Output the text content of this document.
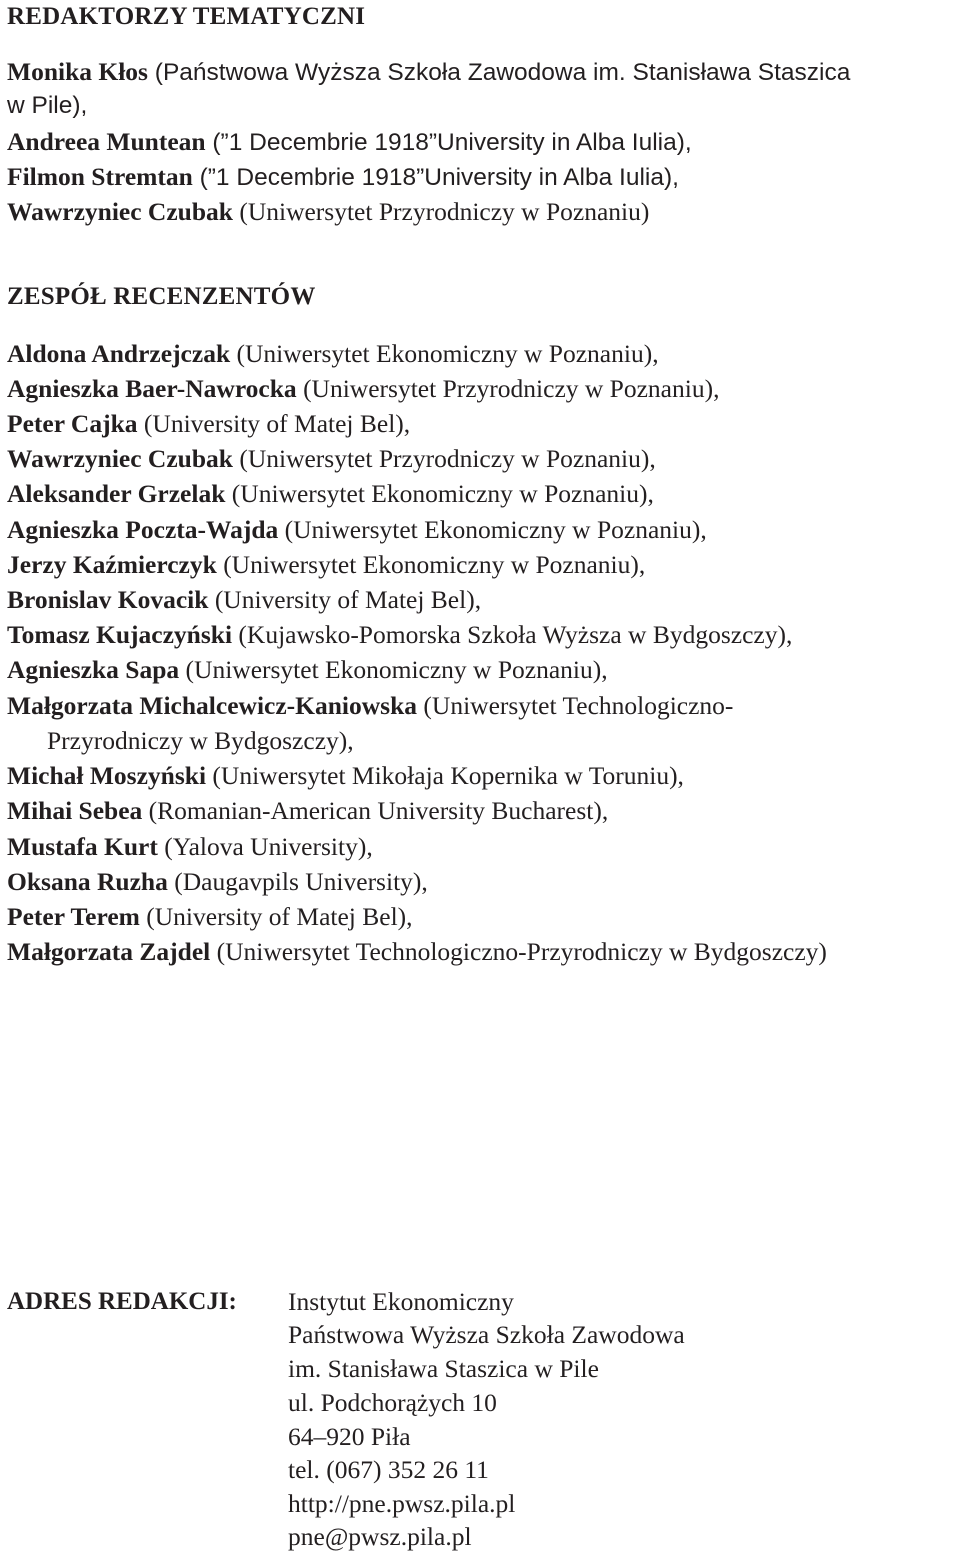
REDAKTORZY TEMATYCZNI

Monika Kłos (Państwowa Wyższa Szkoła Zawodowa im. Stanisława Staszica

w Pile),

Andreea Muntean (”1 Decembrie 1918”University in Alba Iulia),

Filmon Stremtan (”1 Decembrie 1918”University in Alba Iulia),

Wawrzyniec Czubak (Uniwersytet Przyrodniczy w Poznaniu)

ZESPÓŁ RECENZENTÓW

Aldona Andrzejczak (Uniwersytet Ekonomiczny w Poznaniu),

Agnieszka Baer-Nawrocka (Uniwersytet Przyrodniczy w Poznaniu),

Peter Cajka (University of Matej Bel),

Wawrzyniec Czubak (Uniwersytet Przyrodniczy w Poznaniu),

Aleksander Grzelak (Uniwersytet Ekonomiczny w Poznaniu),

Agnieszka Poczta-Wajda (Uniwersytet Ekonomiczny w Poznaniu),

Jerzy Kaźmierczyk (Uniwersytet Ekonomiczny w Poznaniu),

Bronislav Kovacik (University of Matej Bel),

Tomasz Kujaczyński (Kujawsko-Pomorska Szkoła Wyższa w Bydgoszczy),

Agnieszka Sapa (Uniwersytet Ekonomiczny w Poznaniu),

Małgorzata Michalcewicz-Kaniowska (Uniwersytet Technologiczno-

Przyrodniczy w Bydgoszczy),

Michał Moszyński (Uniwersytet Mikołaja Kopernika w Toruniu),

Mihai Sebea (Romanian-American University Bucharest),

Mustafa Kurt (Yalova University),

Oksana Ruzha (Daugavpils University),

Peter Terem (University of Matej Bel),

Małgorzata Zajdel (Uniwersytet Technologiczno-Przyrodniczy w Bydgoszczy)

ADRES REDAKCJI: Instytut Ekonomiczny

Państwowa Wyższa Szkoła Zawodowa

im. Stanisława Staszica w Pile

ul. Podchorążych 10

64–920 Piła

tel. (067) 352 26 11

http://pne.pwsz.pila.pl

pne@pwsz.pila.pl
